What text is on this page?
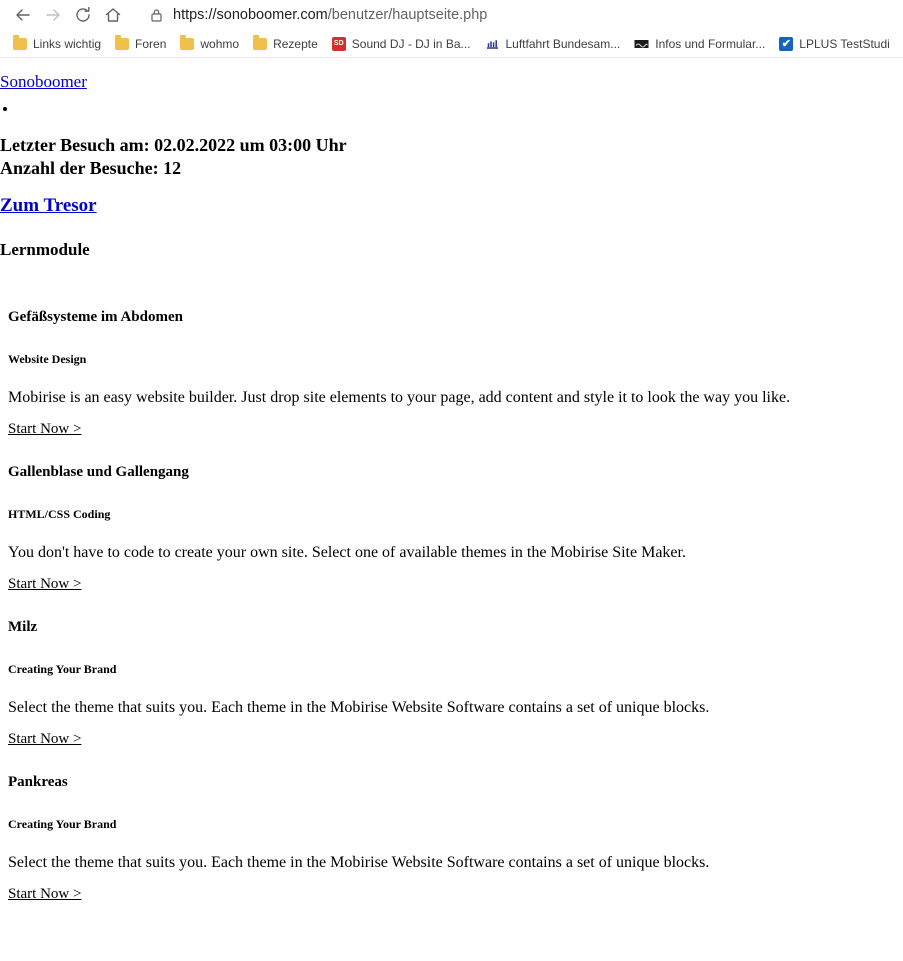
https://sonoboomer.com/benutzer/hauptseite.php
Links wichtig	Foren	wohmo	Rezepte	SD Sound DJ - DJ in Ba...	Luftfahrt Bundesam...	Infos und Formular... ✔ LPLUS TestStudi
Sonoboomer
Letzter Besuch am: 02.02.2022 um 03:00 Uhr
Anzahl der Besuche: 12
Zum Tresor
Lernmodule
Gefäßsysteme im Abdomen
Website Design

Mobirise is an easy website builder. Just drop site elements to your page, add content and style it to look the way you like.

Start Now >
Gallenblase und Gallengang
HTML/CSS Coding

You don't have to code to create your own site. Select one of available themes in the Mobirise Site Maker.

Start Now >
Milz
Creating Your Brand

Select the theme that suits you. Each theme in the Mobirise Website Software contains a set of unique blocks.

Start Now >
Pankreas
Creating Your Brand

Select the theme that suits you. Each theme in the Mobirise Website Software contains a set of unique blocks.

Start Now >
